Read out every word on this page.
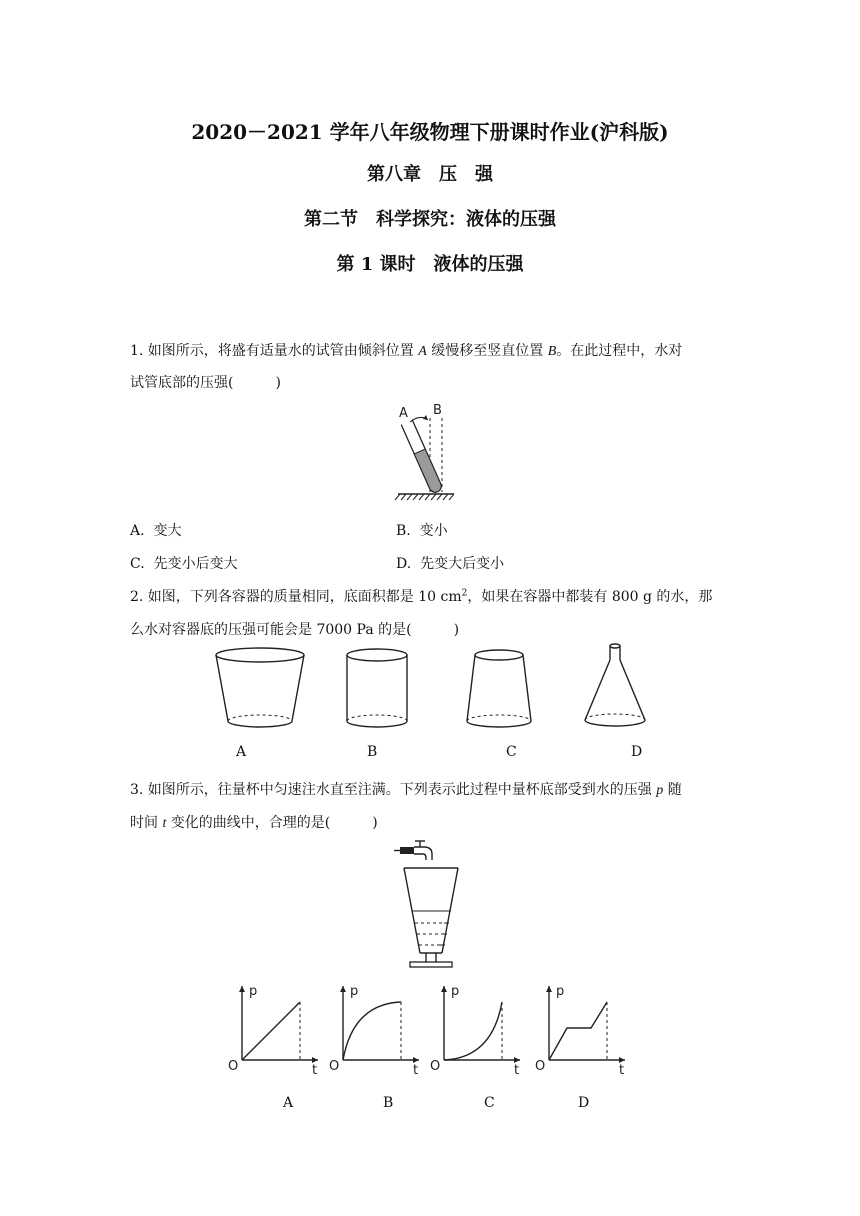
2020－2021 学年八年级物理下册课时作业(沪科版)
第八章　压　强
第二节　科学探究：液体的压强
第 1 课时　液体的压强
1. 如图所示，将盛有适量水的试管由倾斜位置 A 缓慢移至竖直位置 B。在此过程中，水对
试管底部的压强(　　　)
A B
A. 变大	B. 变小
C. 先变小后变大	D. 先变大后变小
2. 如图，下列各容器的质量相同，底面积都是 10 $cm^2$，如果在容器中都装有 800 g 的水，那
么水对容器底的压强可能会是 7000 Pa 的是(　　　)
A	B	C	D
3. 如图所示，往量杯中匀速注水直至注满。下列表示此过程中量杯底部受到水的压强 p 随
时间 t 变化的曲线中，合理的是(　　　)
p
t
O
p
t
O
p
t
O
p
t
O
A	B	C	D
